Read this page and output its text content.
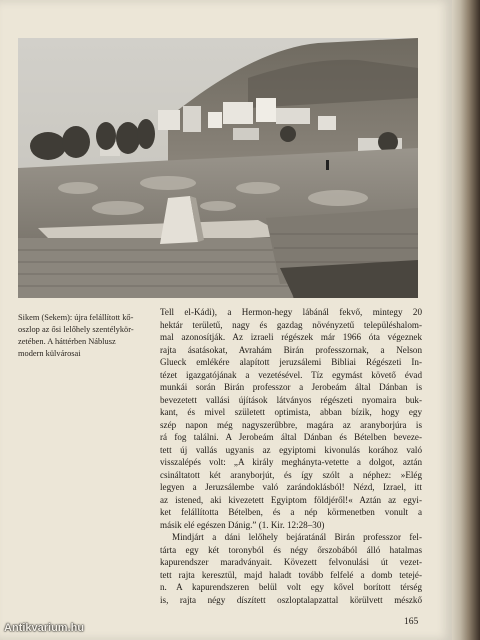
Sikem (Sekem): újra felállított kő-
oszlop az ősi lelőhely szentélykör-
zetében. A háttérben Náblusz
modern külvárosai
Tell el-Kádi), a Hermon-hegy lábánál fekvő, mintegy 20
hektár területű, nagy és gazdag növényzetű településhalom-
mal azonosítják. Az izraeli régészek már 1966 óta végeznek
rajta ásatásokat, Avrahám Birán professzornak, a Nelson
Glueck emlékére alapított jeruzsálemi Bibliai Régészeti In-
tézet igazgatójának a vezetésével. Tíz egymást követő évad
munkái során Birán professzor a Jerobeám által Dánban is
bevezetett vallási újítások látványos régészeti nyomaira buk-
kant, és mivel született optimista, abban bízik, hogy egy
szép napon még nagyszerűbbre, magára az aranyborjúra is
rá fog találni. A Jerobeám által Dánban és Bételben beveze-
tett új vallás ugyanis az egyiptomi kivonulás korához való
visszalépés volt: „A király meghányta-vetette a dolgot, aztán
csináltatott két aranyborjút, és így szólt a néphez: »Elég
legyen a Jeruzsálembe való zarándoklásból! Nézd, Izrael, itt
az istened, aki kivezetett Egyiptom földjéről!« Aztán az egyi-
ket felállította Bételben, és a nép körmenetben vonult a
másik elé egészen Dánig.” (1. Kir. 12:28–30)
Mindjárt a dáni lelőhely bejáratánál Birán professzor fel-
tárta egy két toronyból és négy őrszobából álló hatalmas
kapurendszer maradványait. Kövezett felvonulási út vezet-
tett rajta keresztül, majd haladt tovább felfelé a domb tetejé-
n. A kapurendszeren belül volt egy kővel borított térség
is, rajta négy díszített oszloptalapzattal körülvett mészkő
165
Antikvarium.hu
